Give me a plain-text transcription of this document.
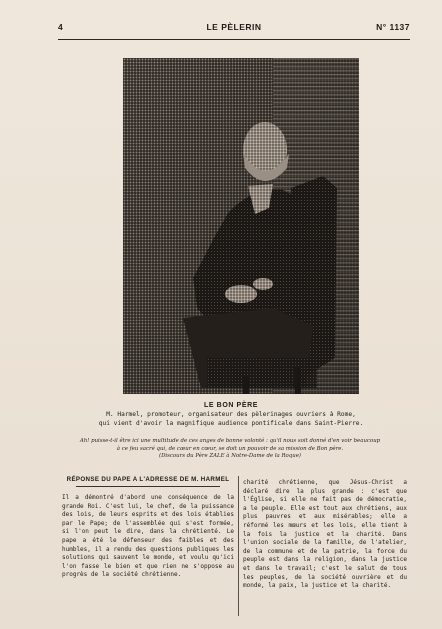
4	LE PÈLERIN	N° 1137
LE BON PÈRE
M. Harmel, promoteur, organisateur des pèlerinages ouvriers à Rome,
qui vient d'avoir la magnifique audience pontificale dans Saint-Pierre.
Ah! puisse-t-il être ici une multitude de ces anges de bonne volonté : qu'il nous soit donné d'en voir beaucoup
à ce feu sacré qui, de cœur en cœur, se doit un pouvoir de sa mission de Bon père.
(Discours du Père ZALE à Notre-Dame de la Roque)
RÉPONSE DU PAPE A L'ADRESSE DE M. HARMEL
Il a démontré d'abord une conséquence de la grande Roi. C'est lui, le chef, de la puissance des lois, de leurs esprits et des lois établies par le Pape; de l'assemblée qui s'est formée, si l'on peut le dire, dans la chrétienté. Le pape a été le défenseur des faibles et des humbles, il a rendu des questions publiques les solutions qui sauvent le monde, et voulu qu'ici l'on fasse le bien et que rien ne s'oppose au progrès de la société chrétienne.
charité chrétienne, que Jésus-Christ a déclaré dire la plus grande : c'est que l'Église, si elle ne fait pas de démocratie, a le peuple. Elle est tout aux chrétiens, aux plus pauvres et aux misérables; elle a réformé les mœurs et les lois, elle tient à la fois la justice et la charité. Dans l'union sociale de la famille, de l'atelier, de la commune et de la patrie, la force du peuple est dans la religion, dans la justice et dans le travail; c'est le salut de tous les peuples, de la société ouvrière et du monde, la paix, la justice et la charité.
